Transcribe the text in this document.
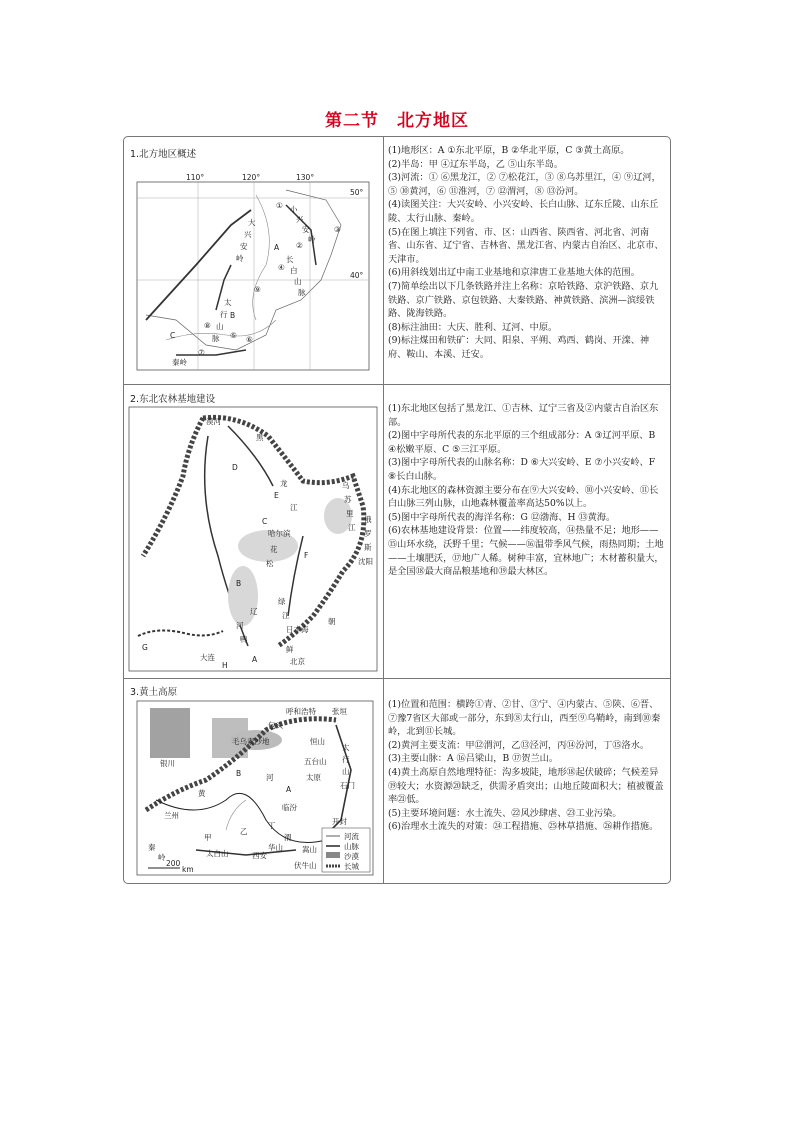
第二节　北方地区
1.北方地区概述
110°	120°	130°
50°
40°
小
兴
安
岭
大
兴
安
岭	长
白
山
脉
太
行
山
脉
秦岭
A
B
C
①
②
③
④
⑤ ⑥
⑦
⑧
⑨
(1)地形区：A ①东北平原，B ②华北平原，C ③黄土高原。
(2)半岛：甲 ④辽东半岛，乙 ⑤山东半岛。
(3)河流：① ⑥黑龙江，② ⑦松花江，③ ⑧乌苏里江，④ ⑨辽河，⑤ ⑩黄河，⑥ ⑪淮河，⑦ ⑫渭河，⑧ ⑬汾河。
(4)读图关注：大兴安岭、小兴安岭、长白山脉、辽东丘陵、山东丘陵、太行山脉、秦岭。
(5)在图上填注下列省、市、区：山西省、陕西省、河北省、河南省、山东省、辽宁省、吉林省、黑龙江省、内蒙古自治区、北京市、天津市。
(6)用斜线划出辽中南工业基地和京津唐工业基地大体的范围。
(7)简单绘出以下几条铁路并注上名称：京哈铁路、京沪铁路、京九铁路、京广铁路、京包铁路、大秦铁路、神黄铁路、滨洲—滨绥铁路、陇海铁路。
(8)标注油田：大庆、胜利、辽河、中原。
(9)标注煤田和铁矿：大同、阳泉、平朔、鸡西、鹤岗、开滦、神府、鞍山、本溪、迁安。
2.东北农林基地建设
漠河
黑
龙
江
D
E
哈尔滨
花
松
F
乌
苏
里
江
俄
罗
斯
沈阳
辽
河
鸭
绿
江
日本海
朝
鲜
北京
G
大连
H
A
B
C
(1)东北地区包括了黑龙江、①吉林、辽宁三省及②内蒙古自治区东部。
(2)图中字母所代表的东北平原的三个组成部分：A ③辽河平原、B ④松嫩平原、C ⑤三江平原。
(3)图中字母所代表的山脉名称：D ⑥大兴安岭、E ⑦小兴安岭、F ⑧长白山脉。
(4)东北地区的森林资源主要分布在⑨大兴安岭、⑩小兴安岭、⑪长白山脉三列山脉，山地森林覆盖率高达50%以上。
(5)图中字母所代表的海洋名称：G ⑫渤海、H ⑬黄海。
(6)农林基地建设背景：位置——纬度较高，⑭热量不足；地形——⑮山环水绕，沃野千里；气候——⑯温带季风气候，雨热同期；土地——土壤肥沃，⑰地广人稀。树种丰富，宜林地广；木材蓄积量大，是全国⑱最大商品粮基地和⑲最大林区。
3.黄土高原
呼和浩特 张垣
包头
毛乌素沙地
银川
黄
河
A
B
五台山
恒山
太原
太
行
山
石门
临汾
兰州
甲
乙
丁
渭
开封
太白山	西安
华山	嵩山
伏牛山
秦
岭
200
km
河流
山脉
沙漠
长城
(1)位置和范围：横跨①青、②甘、③宁、④内蒙古、⑤陕、⑥晋、⑦豫7省区大部或一部分，东到⑧太行山，西至⑨乌鞘岭，南到⑩秦岭，北到⑪长城。
(2)黄河主要支流：甲⑫渭河，乙⑬泾河，丙⑭汾河，丁⑮洛水。
(3)主要山脉：A ⑯吕梁山，B ⑰贺兰山。
(4)黄土高原自然地理特征：沟多坡陡，地形⑱起伏破碎；气候差异⑲较大；水资源⑳缺乏，供需矛盾突出；山地丘陵面积大；植被覆盖率㉑低。
(5)主要环境问题：水土流失、㉒风沙肆虐、㉓工业污染。
(6)治理水土流失的对策：㉔工程措施、㉕林草措施、㉖耕作措施。
